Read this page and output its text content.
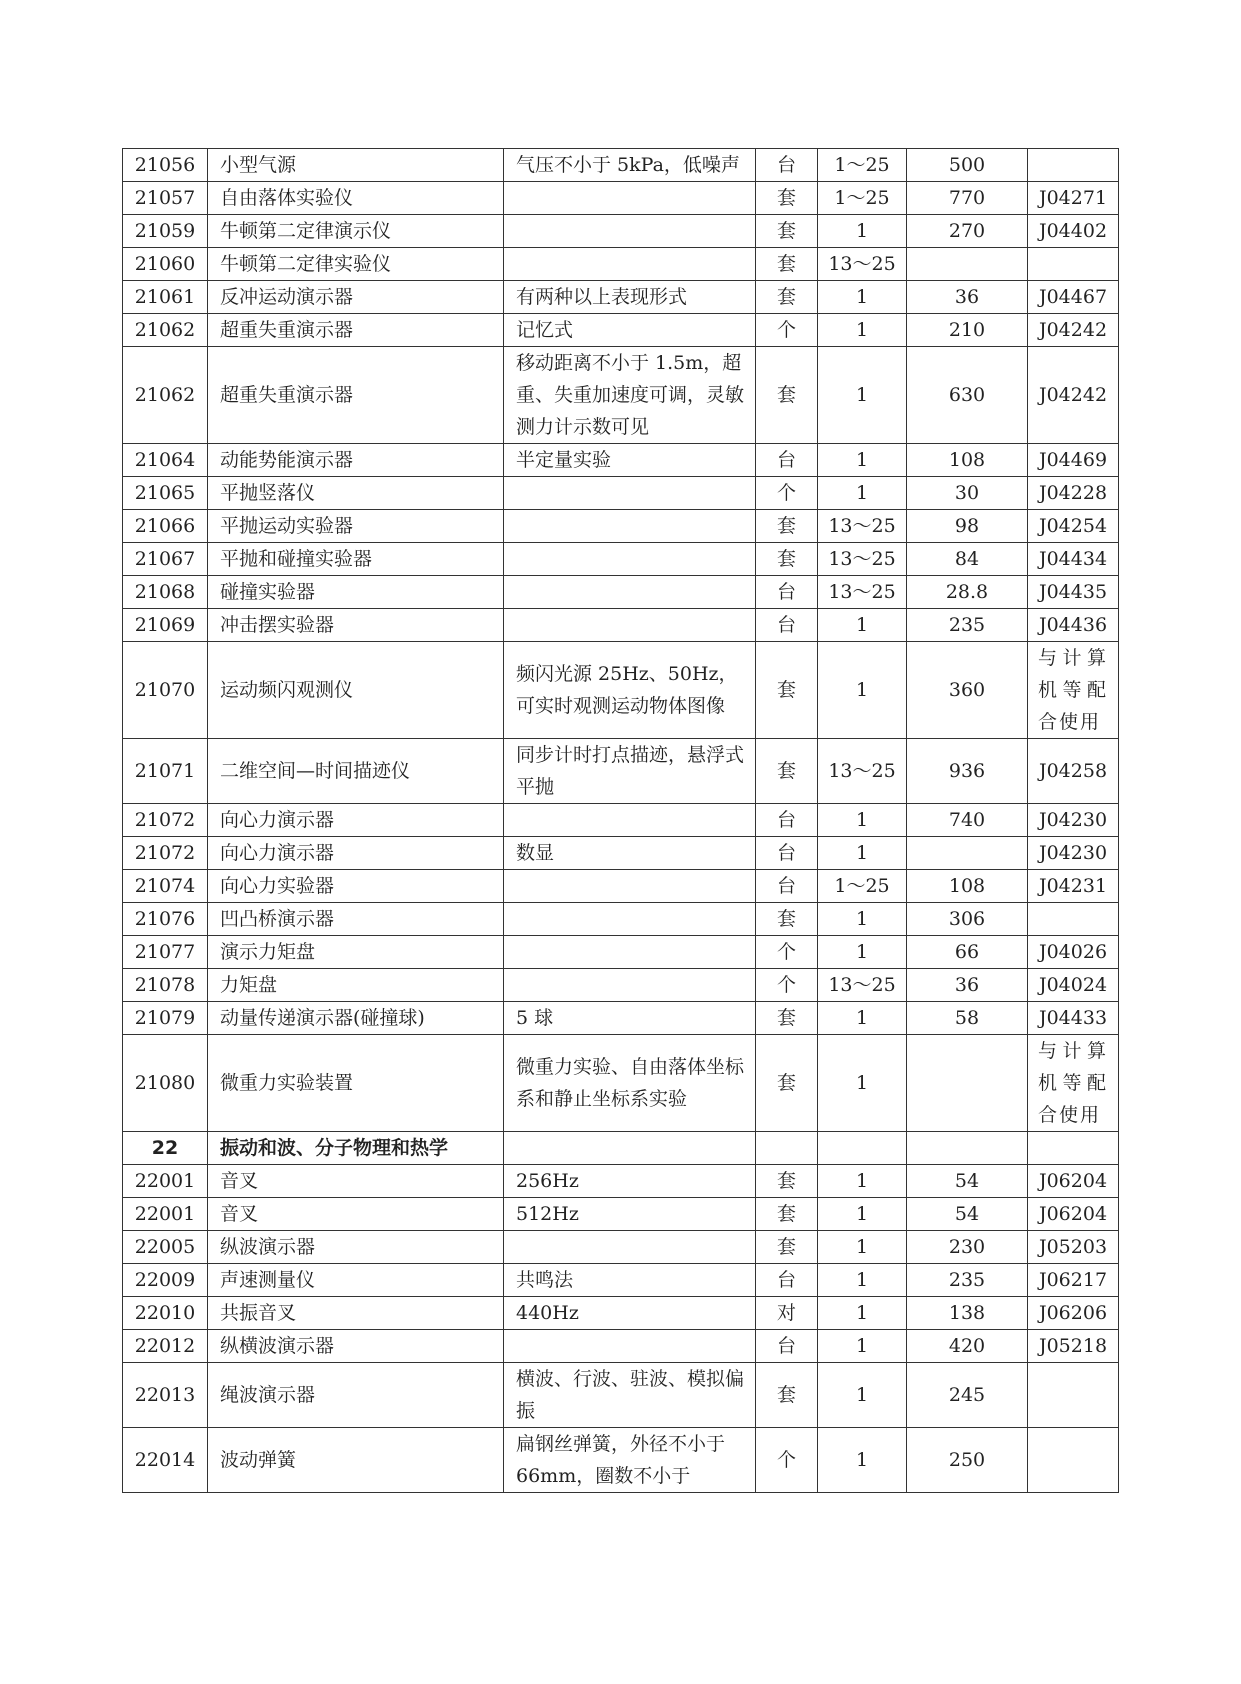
21056	小型气源	气压不小于 5kPa，低噪声	台	1～25	500	
21057	自由落体实验仪		套	1～25	770	J04271
21059	牛顿第二定律演示仪		套	1	270	J04402
21060	牛顿第二定律实验仪		套	13～25		
21061	反冲运动演示器	有两种以上表现形式	套	1	36	J04467
21062	超重失重演示器	记忆式	个	1	210	J04242
21062	超重失重演示器	移动距离不小于 1.5m，超重、失重加速度可调，灵敏测力计示数可见	套	1	630	J04242
21064	动能势能演示器	半定量实验	台	1	108	J04469
21065	平抛竖落仪		个	1	30	J04228
21066	平抛运动实验器		套	13～25	98	J04254
21067	平抛和碰撞实验器		套	13～25	84	J04434
21068	碰撞实验器		台	13～25	28.8	J04435
21069	冲击摆实验器		台	1	235	J04436
21070	运动频闪观测仪	频闪光源 25Hz、50Hz，可实时观测运动物体图像	套	1	360	与计算机等配合使用
21071	二维空间—时间描迹仪	同步计时打点描迹，悬浮式平抛	套	13～25	936	J04258
21072	向心力演示器		台	1	740	J04230
21072	向心力演示器	数显	台	1		J04230
21074	向心力实验器		台	1～25	108	J04231
21076	凹凸桥演示器		套	1	306	
21077	演示力矩盘		个	1	66	J04026
21078	力矩盘		个	13～25	36	J04024
21079	动量传递演示器(碰撞球)	5 球	套	1	58	J04433
21080	微重力实验装置	微重力实验、自由落体坐标系和静止坐标系实验	套	1		与计算机等配合使用
22	振动和波、分子物理和热学					
22001	音叉	256Hz	套	1	54	J06204
22001	音叉	512Hz	套	1	54	J06204
22005	纵波演示器		套	1	230	J05203
22009	声速测量仪	共鸣法	台	1	235	J06217
22010	共振音叉	440Hz	对	1	138	J06206
22012	纵横波演示器		台	1	420	J05218
22013	绳波演示器	横波、行波、驻波、模拟偏振	套	1	245	
22014	波动弹簧	扁钢丝弹簧，外径不小于 66mm，圈数不小于	个	1	250	
